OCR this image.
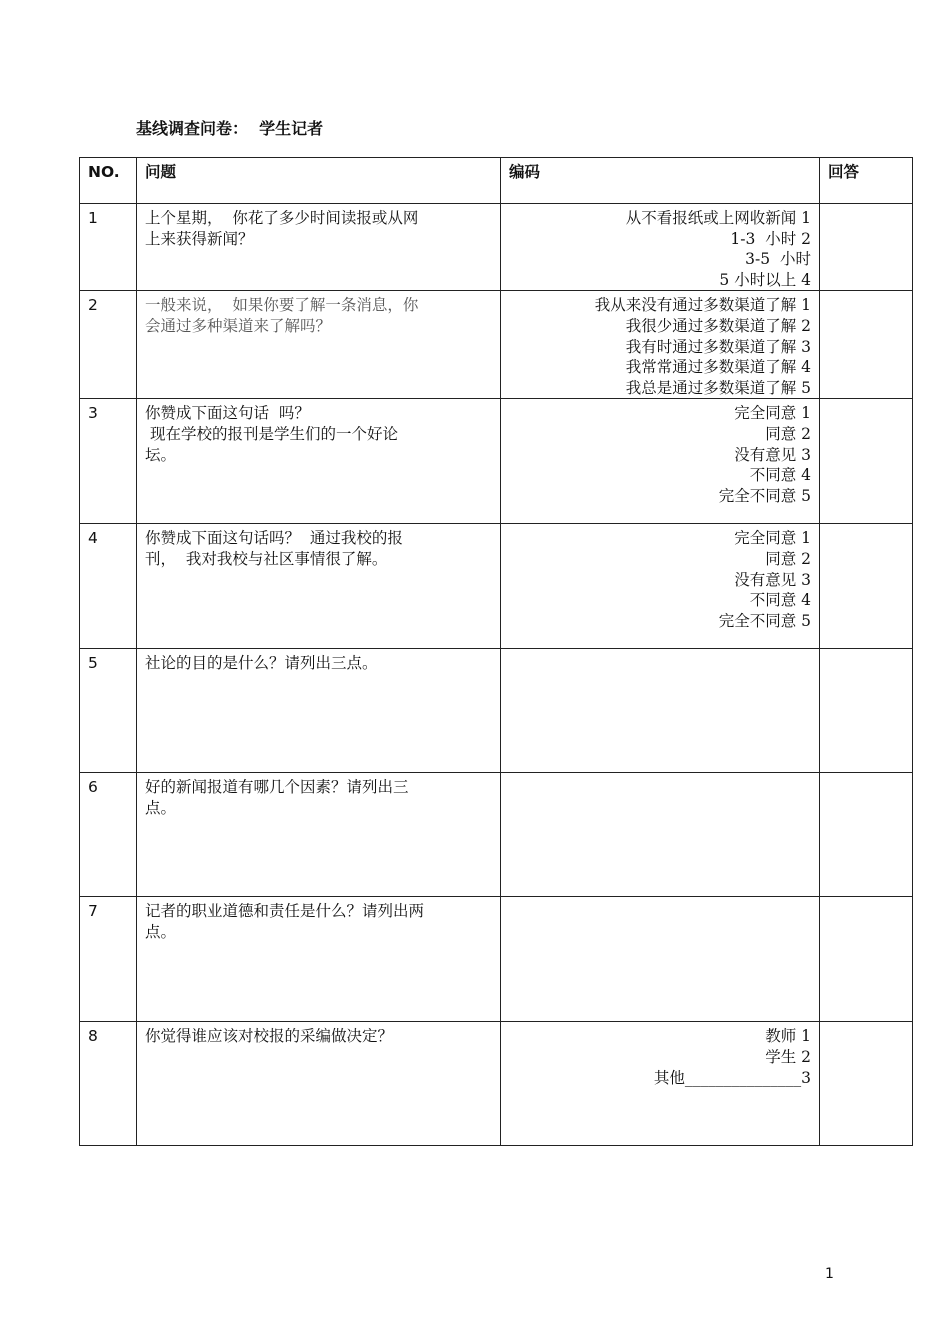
基线调查问卷：  学生记者
NO.	问题	编码	回答
1	上个星期，  你花了多少时间读报或从网
上来获得新闻？	从不看报纸或上网收新闻 1
1-3  小时 2
3-5  小时
5 小时以上 4	

2	一般来说，  如果你要了解一条消息，你
会通过多种渠道来了解吗？	我从来没有通过多数渠道了解 1
我很少通过多数渠道了解 2
我有时通过多数渠道了解 3
我常常通过多数渠道了解 4
我总是通过多数渠道了解 5	

3	你赞成下面这句话  吗？
现在学校的报刊是学生们的一个好论
坛。	完全同意 1
同意 2
没有意见 3
不同意 4
完全不同意 5	

4	你赞成下面这句话吗？  通过我校的报
刊，  我对我校与社区事情很了解。	完全同意 1
同意 2
没有意见 3
不同意 4
完全不同意 5	

5	社论的目的是什么？请列出三点。		

6	好的新闻报道有哪几个因素？请列出三
点。		

7	记者的职业道德和责任是什么？请列出两
点。		

8	你觉得谁应该对校报的采编做决定？	教师 1
学生 2
其他_______________3	

1
